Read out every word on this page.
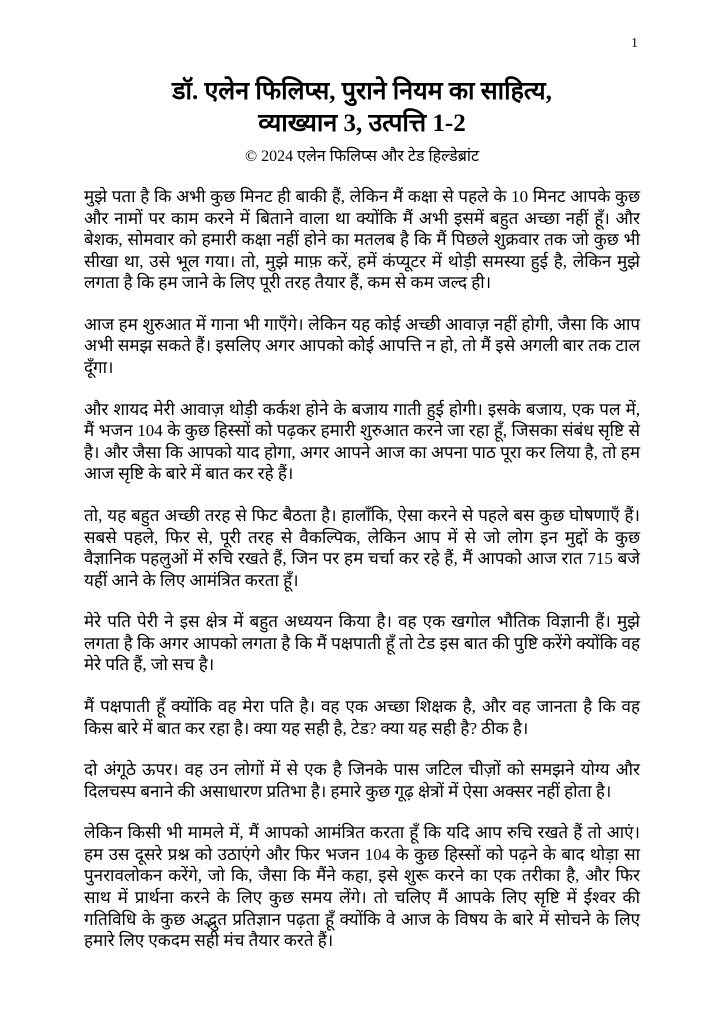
1
डॉ. एलेन फिलिप्स, पुराने नियम का साहित्य,
व्याख्यान 3, उत्पत्ति 1-2
© 2024 एलेन फिलिप्स और टेड हिल्डेब्रांट

मुझे पता है कि अभी कुछ मिनट ही बाकी हैं, लेकिन मैं कक्षा से पहले के 10 मिनट आपके कुछ और नामों पर काम करने में बिताने वाला था क्योंकि मैं अभी इसमें बहुत अच्छा नहीं हूँ। और बेशक, सोमवार को हमारी कक्षा नहीं होने का मतलब है कि मैं पिछले शुक्रवार तक जो कुछ भी सीखा था, उसे भूल गया। तो, मुझे माफ़ करें, हमें कंप्यूटर में थोड़ी समस्या हुई है, लेकिन मुझे लगता है कि हम जाने के लिए पूरी तरह तैयार हैं, कम से कम जल्द ही।

आज हम शुरुआत में गाना भी गाएँगे। लेकिन यह कोई अच्छी आवाज़ नहीं होगी, जैसा कि आप अभी समझ सकते हैं। इसलिए अगर आपको कोई आपत्ति न हो, तो मैं इसे अगली बार तक टाल दूँगा।

और शायद मेरी आवाज़ थोड़ी कर्कश होने के बजाय गाती हुई होगी। इसके बजाय, एक पल में, मैं भजन 104 के कुछ हिस्सों को पढ़कर हमारी शुरुआत करने जा रहा हूँ, जिसका संबंध सृष्टि से है। और जैसा कि आपको याद होगा, अगर आपने आज का अपना पाठ पूरा कर लिया है, तो हम आज सृष्टि के बारे में बात कर रहे हैं।

तो, यह बहुत अच्छी तरह से फिट बैठता है। हालाँकि, ऐसा करने से पहले बस कुछ घोषणाएँ हैं। सबसे पहले, फिर से, पूरी तरह से वैकल्पिक, लेकिन आप में से जो लोग इन मुद्दों के कुछ वैज्ञानिक पहलुओं में रुचि रखते हैं, जिन पर हम चर्चा कर रहे हैं, मैं आपको आज रात 715 बजे यहीं आने के लिए आमंत्रित करता हूँ।

मेरे पति पेरी ने इस क्षेत्र में बहुत अध्ययन किया है। वह एक खगोल भौतिक विज्ञानी हैं। मुझे लगता है कि अगर आपको लगता है कि मैं पक्षपाती हूँ तो टेड इस बात की पुष्टि करेंगे क्योंकि वह मेरे पति हैं, जो सच है।

मैं पक्षपाती हूँ क्योंकि वह मेरा पति है। वह एक अच्छा शिक्षक है, और वह जानता है कि वह किस बारे में बात कर रहा है। क्या यह सही है, टेड? क्या यह सही है? ठीक है।

दो अंगूठे ऊपर। वह उन लोगों में से एक है जिनके पास जटिल चीज़ों को समझने योग्य और दिलचस्प बनाने की असाधारण प्रतिभा है। हमारे कुछ गूढ़ क्षेत्रों में ऐसा अक्सर नहीं होता है।

लेकिन किसी भी मामले में, मैं आपको आमंत्रित करता हूँ कि यदि आप रुचि रखते हैं तो आएं। हम उस दूसरे प्रश्न को उठाएंगे और फिर भजन 104 के कुछ हिस्सों को पढ़ने के बाद थोड़ा सा पुनरावलोकन करेंगे, जो कि, जैसा कि मैंने कहा, इसे शुरू करने का एक तरीका है, और फिर साथ में प्रार्थना करने के लिए कुछ समय लेंगे। तो चलिए मैं आपके लिए सृष्टि में ईश्वर की गतिविधि के कुछ अद्भुत प्रतिज्ञान पढ़ता हूँ क्योंकि वे आज के विषय के बारे में सोचने के लिए हमारे लिए एकदम सही मंच तैयार करते हैं।
